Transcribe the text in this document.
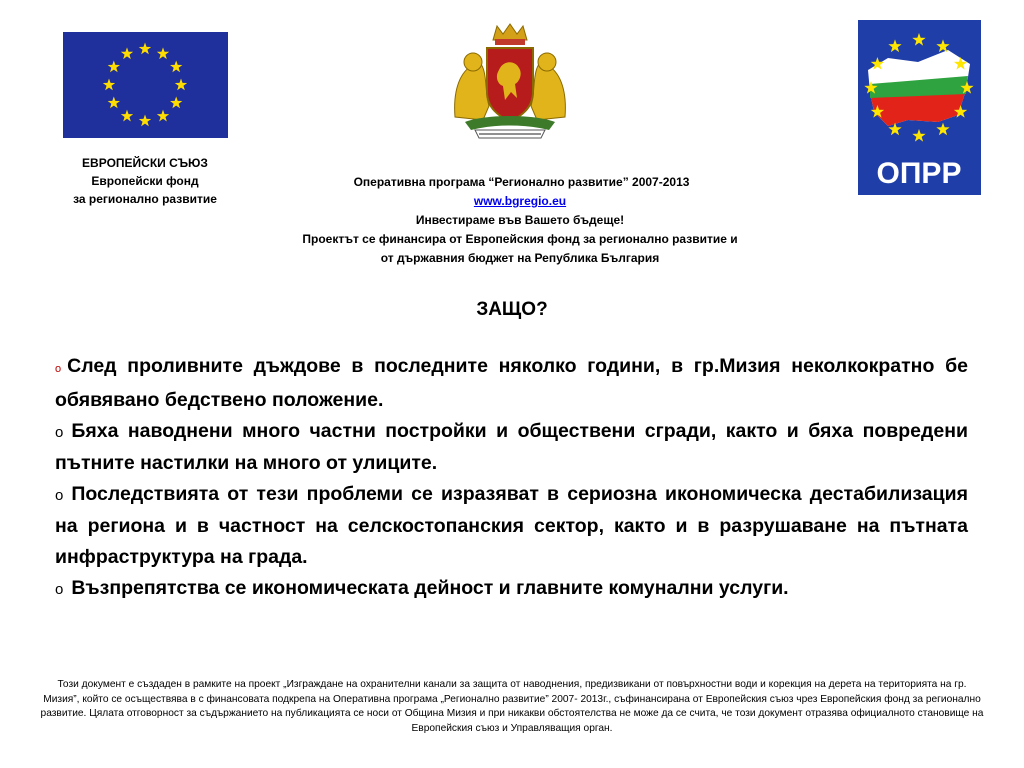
ОПРР
ЕВРОПЕЙСКИ СЪЮЗ
Европейски фонд
за регионално развитие
Оперативна програма “Регионално развитие” 2007-2013
www.bgregio.eu
Инвестираме във Вашето бъдеще!
Проектът се финансира от Европейския фонд за регионално развитие и
от държавния бюджет на Република България
ЗАЩО?

o След проливните дъждове в последните няколко години, в гр.Мизия неколкократно бе обявявано бедствено положение.

o Бяха наводнени много частни постройки и обществени сгради, както и бяха повредени пътните настилки на много от улиците.

o Последствията от тези проблеми се изразяват в сериозна икономическа дестабилизация на региона и в частност на селскостопанския сектор, както и в разрушаване на пътната инфраструктура на града.

o Възпрепятства се икономическата дейност и главните комунални услуги.

Този документ е създаден в рамките на проект „Изграждане на охранителни канали за защита от наводнения, предизвикани от повърхностни води и корекция на дерета на територията на гр. Мизия”, който се осъществява в с финансовата подкрепа на Оперативна програма „Регионално развитие” 2007- 2013г., съфинансирана от Европейския съюз чрез Европейския фонд за регионално развитие. Цялата отговорност за съдържанието на публикацията се носи от Община Мизия и при никакви обстоятелства не може да се счита, че този документ отразява официалното становище на Европейския съюз и Управляващия орган.
